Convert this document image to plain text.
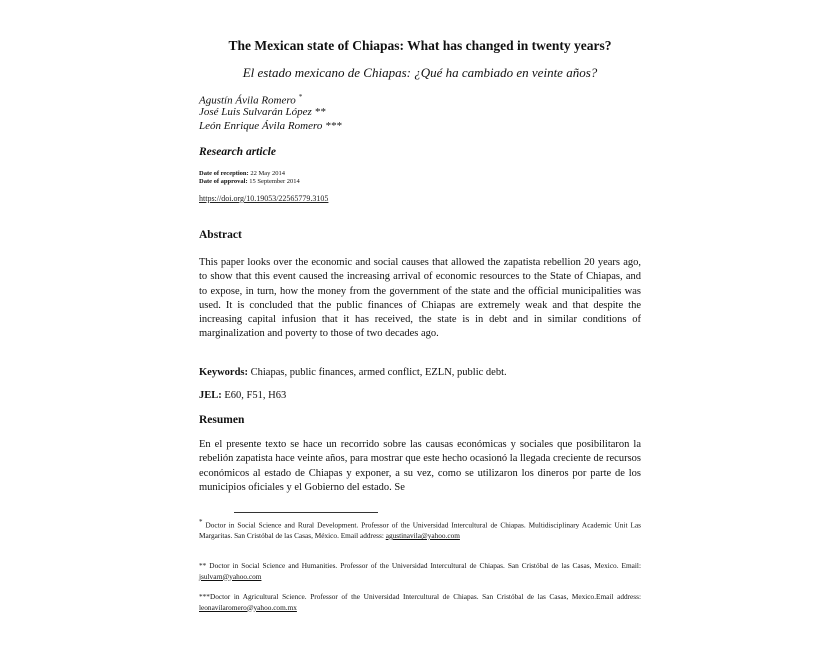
The Mexican state of Chiapas: What has changed in twenty years?
El estado mexicano de Chiapas: ¿Qué ha cambiado en veinte años?
Agustín Ávila Romero *
José Luis Sulvarán López **
León Enrique Ávila Romero ***
Research article
Date of reception: 22 May 2014
Date of approval: 15 September 2014
https://doi.org/10.19053/22565779.3105
Abstract
This paper looks over the economic and social causes that allowed the zapatista rebellion 20 years ago, to show that this event caused the increasing arrival of economic resources to the State of Chiapas, and to expose, in turn, how the money from the government of the state and the official municipalities was used. It is concluded that the public finances of Chiapas are extremely weak and that despite the increasing capital infusion that it has received, the state is in debt and in similar conditions of marginalization and poverty to those of two decades ago.
Keywords: Chiapas, public finances, armed conflict, EZLN, public debt.
JEL: E60, F51, H63
Resumen
En el presente texto se hace un recorrido sobre las causas económicas y sociales que posibilitaron la rebelión zapatista hace veinte años, para mostrar que este hecho ocasionó la llegada creciente de recursos económicos al estado de Chiapas y exponer, a su vez, como se utilizaron los dineros por parte de los municipios oficiales y el Gobierno del estado. Se
* Doctor in Social Science and Rural Development. Professor of the Universidad Intercultural de Chiapas. Multidisciplinary Academic Unit Las Margaritas. San Cristóbal de las Casas, México. Email address: agustinavila@yahoo.com
** Doctor in Social Science and Humanities. Professor of the Universidad Intercultural de Chiapas. San Cristóbal de las Casas, Mexico. Email: jsulvarn@yahoo.com
***Doctor in Agricultural Science. Professor of the Universidad Intercultural de Chiapas. San Cristóbal de las Casas, Mexico.Email address: leonavilaromero@yahoo.com.mx
